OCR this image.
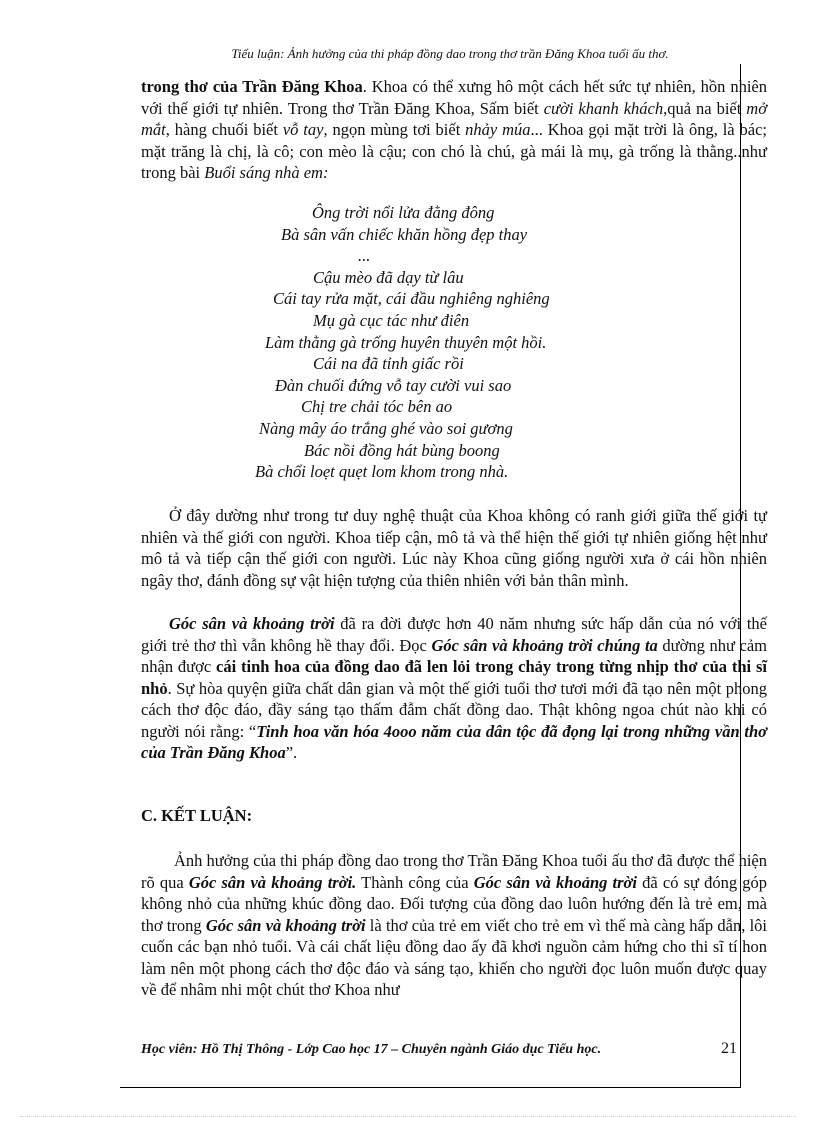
Tiểu luận: Ảnh hưởng của thi pháp đồng dao trong thơ trần Đăng Khoa tuổi ấu thơ.

trong thơ của Trần Đăng Khoa. Khoa có thể xưng hô một cách hết sức tự nhiên, hồn nhiên với thế giới tự nhiên. Trong thơ Trần Đăng Khoa, Sấm biết cười khanh khách,quả na biết mở mắt, hàng chuối biết vỗ tay, ngọn mùng tơi biết nhảy múa... Khoa gọi mặt trời là ông, là bác; mặt trăng là chị, là cô; con mèo là cậu; con chó là chú, gà mái là mụ, gà trống là thằng..như trong bài Buổi sáng nhà em:

Ông trời nổi lửa đằng đông
Bà sân vấn chiếc khăn hồng đẹp thay
...
Cậu mèo đã dạy từ lâu
Cái tay rửa mặt, cái đầu nghiêng nghiêng
Mụ gà cục tác như điên
Làm thằng gà trống huyên thuyên một hồi.
Cái na đã tỉnh giấc rồi
Đàn chuối đứng vỗ tay cười vui sao
Chị tre chải tóc bên ao
Nàng mây áo trắng ghé vào soi gương
Bác nồi đồng hát bùng boong
Bà chổi loẹt quẹt lom khom trong nhà.

Ở đây dường như trong tư duy nghệ thuật của Khoa không có ranh giới giữa thế giới tự nhiên và thế giới con người. Khoa tiếp cận, mô tả và thể hiện thế giới tự nhiên giống hệt như mô tả và tiếp cận thế giới con người. Lúc này Khoa cũng giống người xưa ở cái hồn nhiên ngây thơ, đánh đồng sự vật hiện tượng của thiên nhiên với bản thân mình.

Góc sân và khoảng trời đã ra đời được hơn 40 năm nhưng sức hấp dẫn của nó với thế giới trẻ thơ thì vẫn không hề thay đổi. Đọc Góc sân và khoảng trời chúng ta dường như cảm nhận được cái tinh hoa của đồng dao đã len lỏi trong chảy trong từng nhịp thơ của thi sĩ nhỏ. Sự hòa quyện giữa chất dân gian và một thế giới tuổi thơ tươi mới đã tạo nên một phong cách thơ độc đáo, đầy sáng tạo thấm đẫm chất đồng dao. Thật không ngoa chút nào khi có người nói rằng: “Tinh hoa văn hóa 4ooo năm của dân tộc đã đọng lại trong những vần thơ của Trần Đăng Khoa”.

C. KẾT LUẬN:

Ảnh hưởng của thi pháp đồng dao trong thơ Trần Đăng Khoa tuổi ấu thơ đã được thể hiện rõ qua Góc sân và khoảng trời. Thành công của Góc sân và khoảng trời đã có sự đóng góp không nhỏ của những khúc đồng dao. Đối tượng của đồng dao luôn hướng đến là trẻ em, mà thơ trong Góc sân và khoảng trời là thơ của trẻ em viết cho trẻ em vì thế mà càng hấp dẫn, lôi cuốn các bạn nhỏ tuổi. Và cái chất liệu đồng dao ấy đã khơi nguồn cảm hứng cho thi sĩ tí hon làm nên một phong cách thơ độc đáo và sáng tạo, khiến cho người đọc luôn muốn được quay về để nhâm nhi một chút thơ Khoa như

Học viên: Hồ Thị Thông - Lớp Cao học 17 – Chuyên ngành Giáo dục Tiểu học.	21
